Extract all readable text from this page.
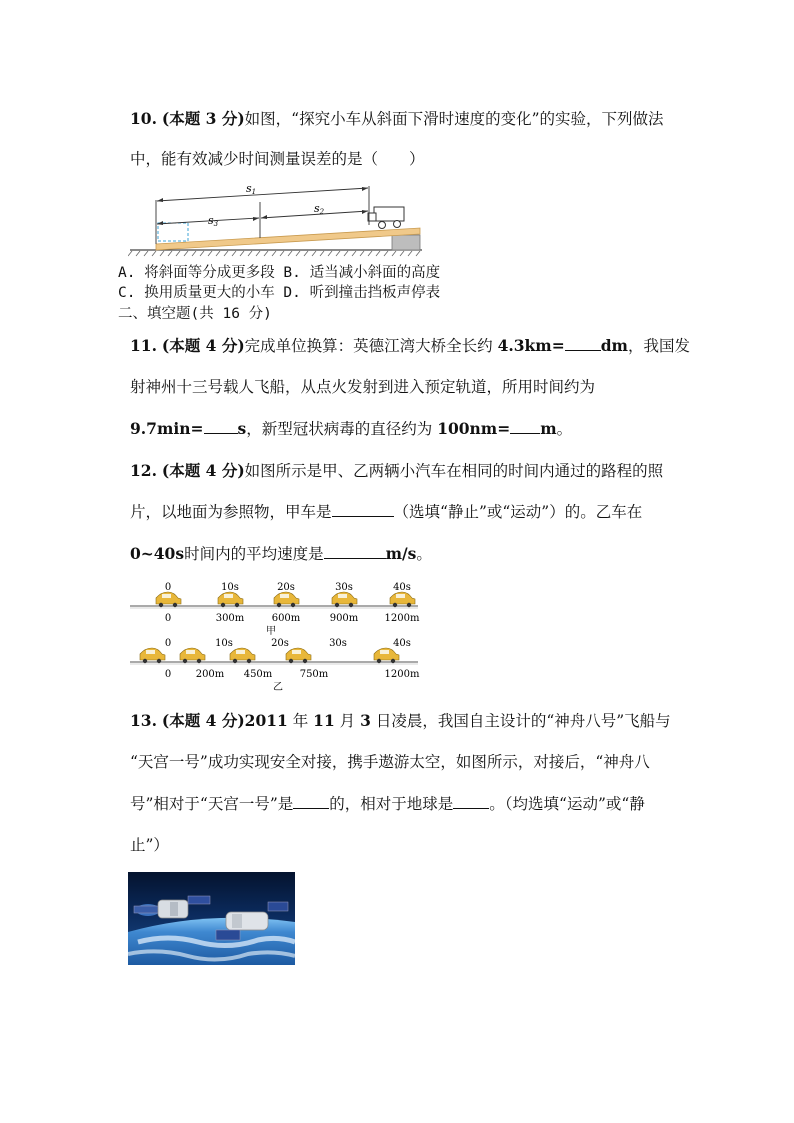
10. (本题 3 分)如图，“探究小车从斜面下滑时速度的变化”的实验，下列做法
中，能有效减少时间测量误差的是（　　）
s1
s2
s3
A. 将斜面等分成更多段 B. 适当减小斜面的高度
C. 换用质量更大的小车 D. 听到撞击挡板声停表
二、填空题(共 16 分)
11. (本题 4 分)完成单位换算：英德江湾大桥全长约 4.3km= dm，我国发
射神州十三号载人飞船，从点火发射到进入预定轨道，所用时间约为
9.7min= s，新型冠状病毒的直径约为 100nm= m。
12. (本题 4 分)如图所示是甲、乙两辆小汽车在相同的时间内通过的路程的照
片，以地面为参照物，甲车是	（选填“静止”或“运动”）的。乙车在
0~40s时间内的平均速度是	m/s。
0	10s	20s	30s	40s
0	300m	600m	900m	1200m
0	10s	20s	30s	40s
0 200m 450m	750m	1200m
甲
乙
13. (本题 4 分)2011 年 11 月 3 日凌晨，我国自主设计的“神舟八号”飞船与
“天宫一号”成功实现安全对接，携手遨游太空，如图所示，对接后，“神舟八
号”相对于“天宫一号”是 的，相对于地球是 。（均选填“运动”或“静
止”）
